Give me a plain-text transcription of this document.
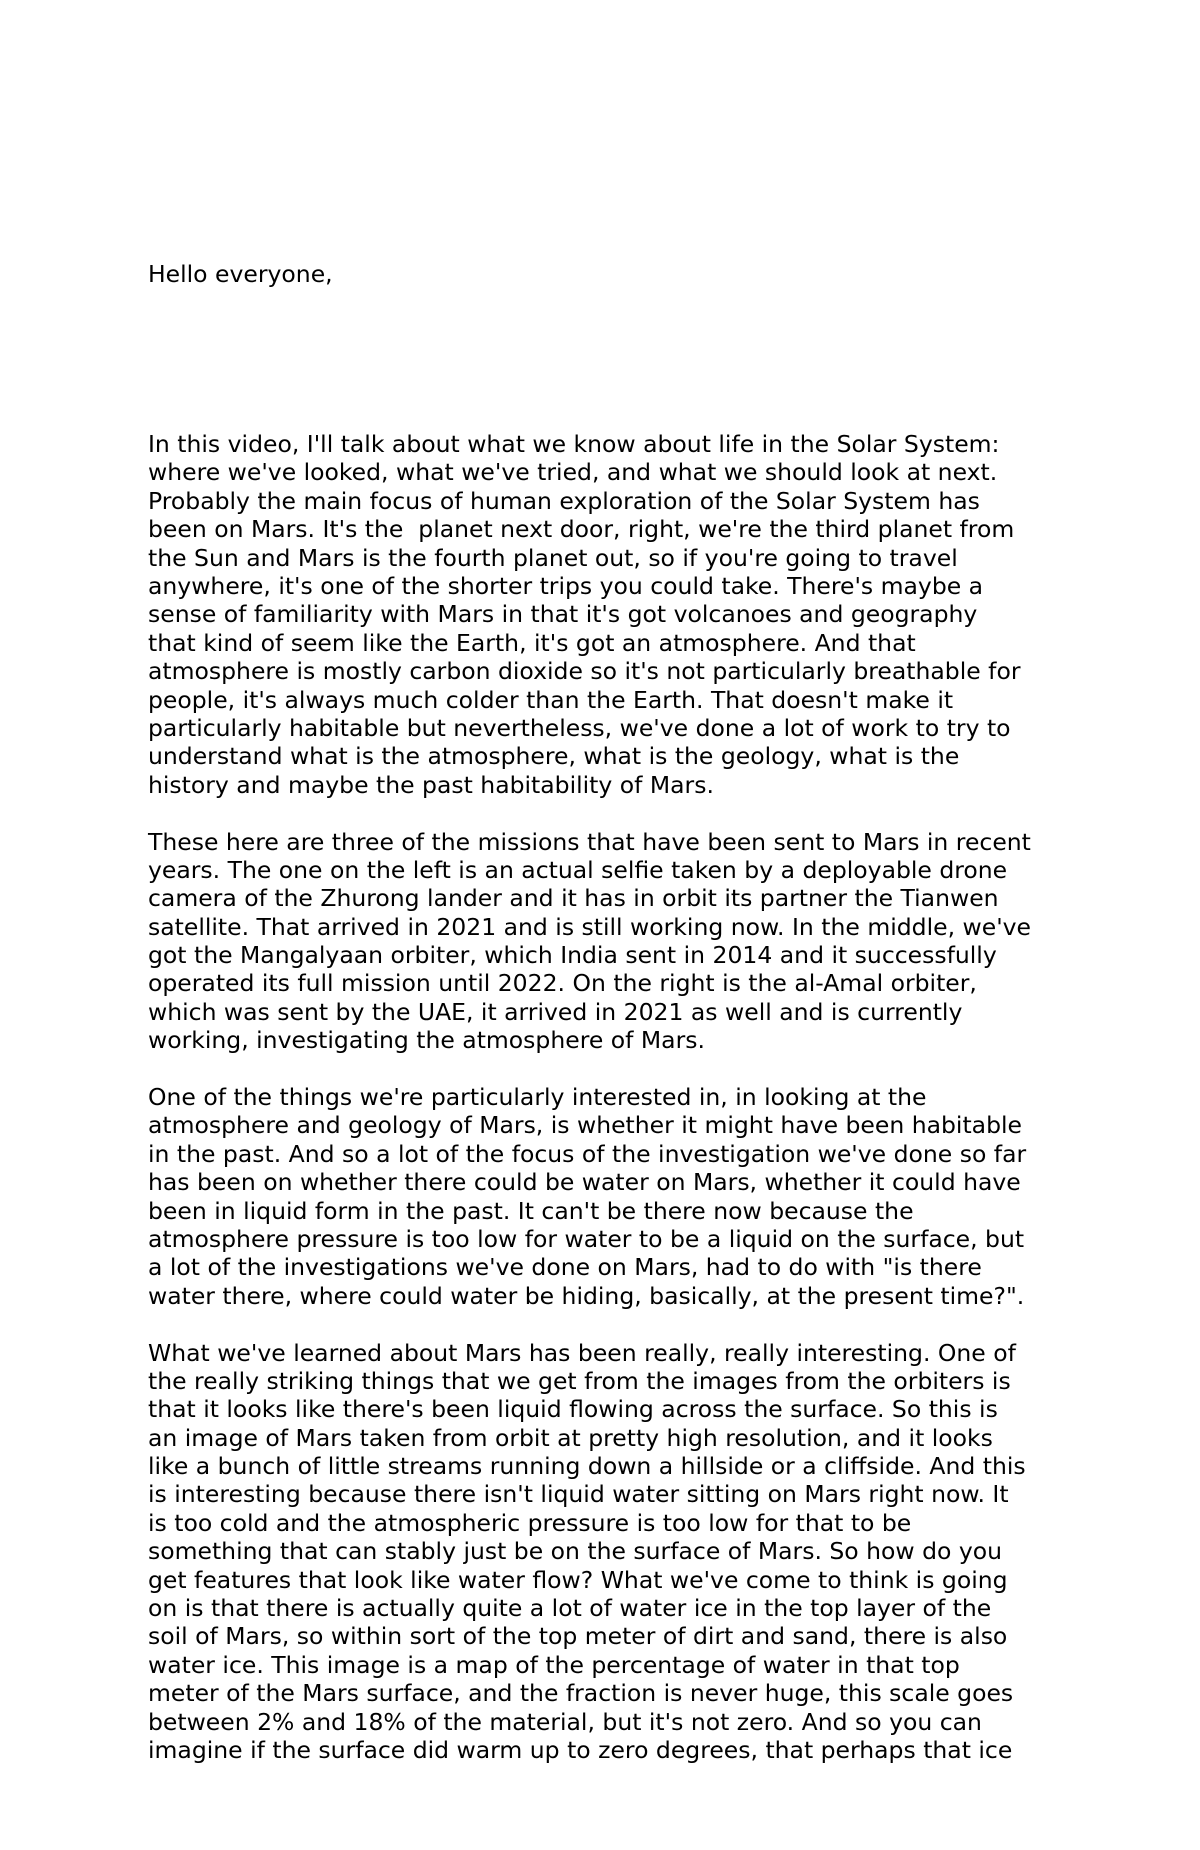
Hello everyone,

In this video, I'll talk about what we know about life in the Solar System:
where we've looked, what we've tried, and what we should look at next.
Probably the main focus of human exploration of the Solar System has
been on Mars. It's the  planet next door, right, we're the third planet from
the Sun and Mars is the fourth planet out, so if you're going to travel
anywhere, it's one of the shorter trips you could take. There's maybe a
sense of familiarity with Mars in that it's got volcanoes and geography
that kind of seem like the Earth, it's got an atmosphere. And that
atmosphere is mostly carbon dioxide so it's not particularly breathable for
people, it's always much colder than the Earth. That doesn't make it
particularly habitable but nevertheless, we've done a lot of work to try to
understand what is the atmosphere, what is the geology, what is the
history and maybe the past habitability of Mars.
These here are three of the missions that have been sent to Mars in recent
years. The one on the left is an actual selfie taken by a deployable drone
camera of the Zhurong lander and it has in orbit its partner the Tianwen
satellite. That arrived in 2021 and is still working now. In the middle, we've
got the Mangalyaan orbiter, which India sent in 2014 and it successfully
operated its full mission until 2022. On the right is the al-Amal orbiter,
which was sent by the UAE, it arrived in 2021 as well and is currently
working, investigating the atmosphere of Mars.
One of the things we're particularly interested in, in looking at the
atmosphere and geology of Mars, is whether it might have been habitable
in the past. And so a lot of the focus of the investigation we've done so far
has been on whether there could be water on Mars, whether it could have
been in liquid form in the past. It can't be there now because the
atmosphere pressure is too low for water to be a liquid on the surface, but
a lot of the investigations we've done on Mars, had to do with "is there
water there, where could water be hiding, basically, at the present time?".
What we've learned about Mars has been really, really interesting. One of
the really striking things that we get from the images from the orbiters is
that it looks like there's been liquid flowing across the surface. So this is
an image of Mars taken from orbit at pretty high resolution, and it looks
like a bunch of little streams running down a hillside or a cliffside. And this
is interesting because there isn't liquid water sitting on Mars right now. It
is too cold and the atmospheric pressure is too low for that to be
something that can stably just be on the surface of Mars. So how do you
get features that look like water flow? What we've come to think is going
on is that there is actually quite a lot of water ice in the top layer of the
soil of Mars, so within sort of the top meter of dirt and sand, there is also
water ice. This image is a map of the percentage of water in that top
meter of the Mars surface, and the fraction is never huge, this scale goes
between 2% and 18% of the material, but it's not zero. And so you can
imagine if the surface did warm up to zero degrees, that perhaps that ice
